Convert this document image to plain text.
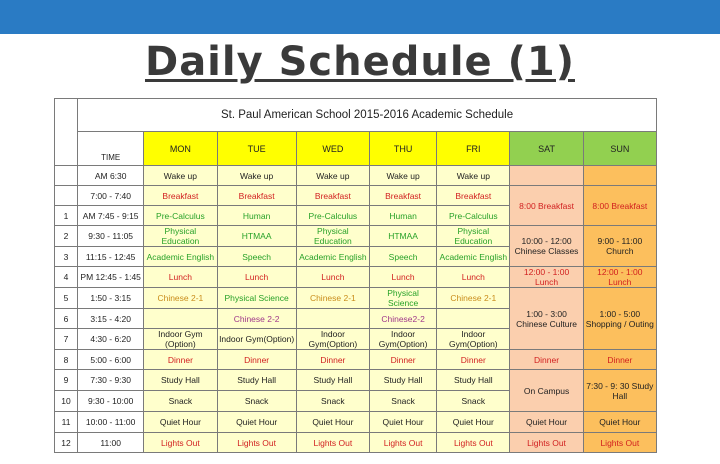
Daily Schedule (1)
	St. Paul American School 2015-2016 Academic Schedule							
	TIME	MON	TUE	WED	THU	FRI	SAT	SUN
	AM 6:30	Wake up	Wake up	Wake up	Wake up	Wake up		
	7:00 - 7:40	Breakfast	Breakfast	Breakfast	Breakfast	Breakfast	8:00 Breakfast	8:00 Breakfast
1	AM 7:45 - 9:15	Pre-Calculus	Human	Pre-Calculus	Human	Pre-Calculus		
2	9:30 - 11:05	Physical Education	HTMAA	Physical Education	HTMAA	Physical Education	10:00 - 12:00 Chinese Classes	9:00 - 11:00 Church
3	11:15 - 12:45	Academic English	Speech	Academic English	Speech	Academic English		
4	PM 12:45 - 1:45	Lunch	Lunch	Lunch	Lunch	Lunch	12:00 - 1:00 Lunch	12:00 - 1:00 Lunch
5	1:50 - 3:15	Chinese 2-1	Physical Science	Chinese 2-1	Physical Science	Chinese 2-1	1:00 - 3:00 Chinese Culture	1:00 - 5:00 Shopping / Outing
6	3:15 - 4:20		Chinese 2-2		Chinese2-2			
7	4:30 - 6:20	Indoor Gym (Option)	Indoor Gym(Option)	Indoor Gym(Option)	Indoor Gym(Option)	Indoor Gym(Option)		
8	5:00 - 6:00	Dinner	Dinner	Dinner	Dinner	Dinner	Dinner	Dinner
9	7:30 - 9:30	Study Hall	Study Hall	Study Hall	Study Hall	Study Hall	On Campus	7:30 - 9: 30 Study Hall
10	9:30 - 10:00	Snack	Snack	Snack	Snack	Snack		
11	10:00 - 11:00	Quiet Hour	Quiet Hour	Quiet Hour	Quiet Hour	Quiet Hour	Quiet Hour	Quiet Hour
12	11:00	Lights Out	Lights Out	Lights Out	Lights Out	Lights Out	Lights Out	Lights Out
